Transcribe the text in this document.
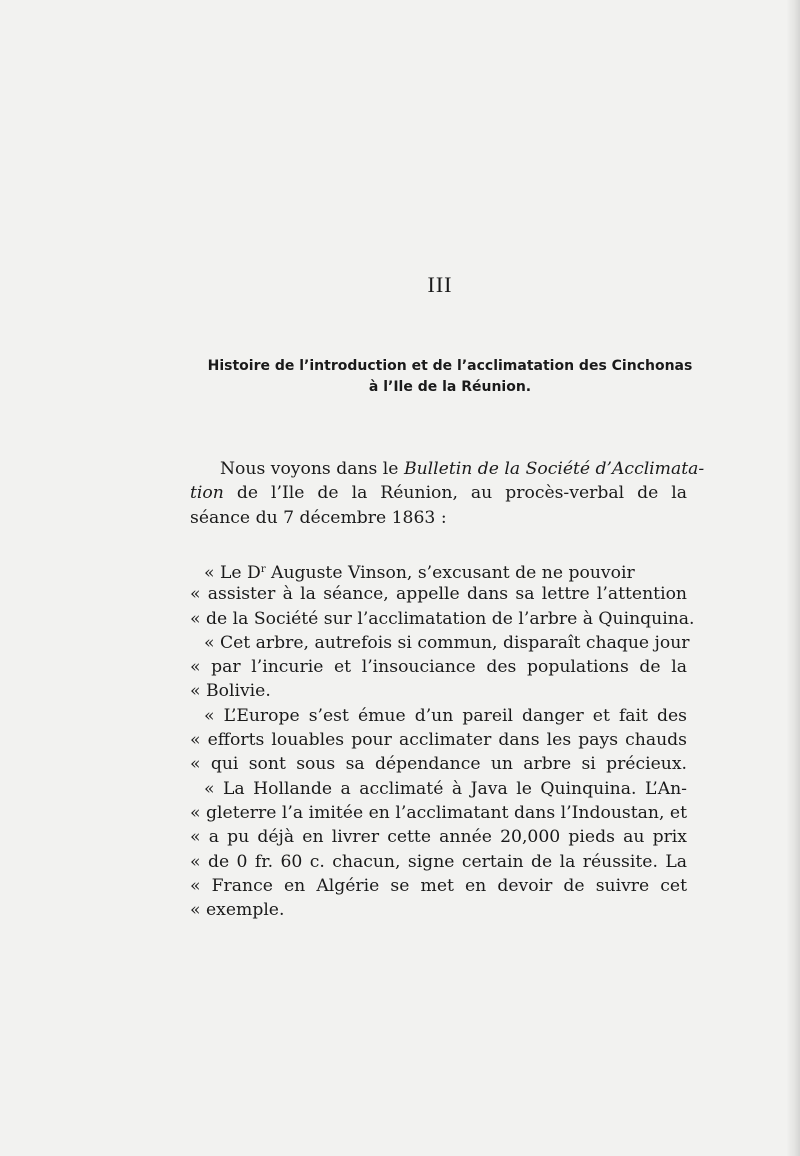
III
Histoire de l’introduction et de l’acclimatation des Cinchonas
à l’Ile de la Réunion.
Nous voyons dans le Bulletin de la Société d’Acclimata-
tion de l’Ile de la Réunion, au procès-verbal de la
séance du 7 décembre 1863 :
« Le $D^r$ Auguste Vinson, s’excusant de ne pouvoir
« assister à la séance, appelle dans sa lettre l’attention
« de la Société sur l’acclimatation de l’arbre à Quinquina.
« Cet arbre, autrefois si commun, disparaît chaque jour
« par l’incurie et l’insouciance des populations de la
« Bolivie.
« L’Europe s’est émue d’un pareil danger et fait des
« efforts louables pour acclimater dans les pays chauds
« qui sont sous sa dépendance un arbre si précieux.
« La Hollande a acclimaté à Java le Quinquina. L’An-
« gleterre l’a imitée en l’acclimatant dans l’Indoustan, et
« a pu déjà en livrer cette année 20,000 pieds au prix
« de 0 fr. 60 c. chacun, signe certain de la réussite. La
« France en Algérie se met en devoir de suivre cet
« exemple.
